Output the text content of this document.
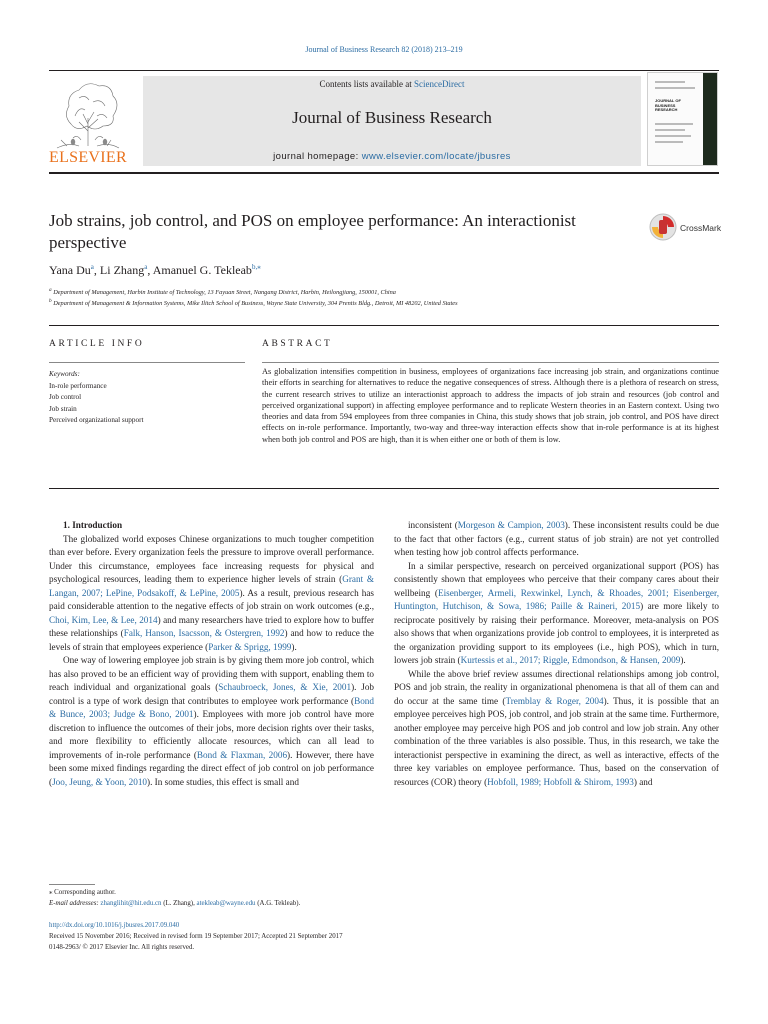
Journal of Business Research 82 (2018) 213–219
ELSEVIER
Contents lists available at ScienceDirect
Journal of Business Research
journal homepage: www.elsevier.com/locate/jbusres
JOURNAL OF BUSINESS RESEARCH
Job strains, job control, and POS on employee performance: An interactionist perspective
CrossMark
Yana Du$^a$, Li Zhang$^a$, Amanuel G. Tekleab$^{b,⁎}$
$^a$ Department of Management, Harbin Institute of Technology, 13 Fayuan Street, Nangang District, Harbin, Heilongjiang, 150001, China
$^b$ Department of Management & Information Systems, Mike Ilitch School of Business, Wayne State University, 304 Prentis Bldg., Detroit, MI 48202, United States
ARTICLE INFO	ABSTRACT
Keywords:
In-role performance
Job control
Job strain
Perceived organizational support
As globalization intensifies competition in business, employees of organizations face increasing job strain, and organizations continue their efforts in searching for alternatives to reduce the negative consequences of stress. Although there is a plethora of research on stress, the current research strives to utilize an interactionist approach to address the impacts of job strain and resources (job control and perceived organizational support) in affecting employee performance and to replicate Western theories in an Eastern context. Using two theories and data from 594 employees from three companies in China, this study shows that job strain, job control, and POS have direct effects on in-role performance. Importantly, two-way and three-way interaction effects show that in-role performance is at its highest when both job control and POS are high, than it is when either one or both of them is low.

1. Introduction

The globalized world exposes Chinese organizations to much tougher competition than ever before. Every organization feels the pressure to improve overall performance. Under this circumstance, employees face increasing requests for physical and psychological resources, leading them to experience higher levels of strain (Grant & Langan, 2007; LePine, Podsakoff, & LePine, 2005). As a result, previous research has paid considerable attention to the negative effects of job strain on work outcomes (e.g., Choi, Kim, Lee, & Lee, 2014) and many researchers have tried to explore how to buffer these relationships (Falk, Hanson, Isacsson, & Ostergren, 1992) and how to reduce the levels of strain that employees experience (Parker & Sprigg, 1999).

One way of lowering employee job strain is by giving them more job control, which has also proved to be an efficient way of providing them with support, enabling them to reach individual and organizational goals (Schaubroeck, Jones, & Xie, 2001). Job control is a type of work design that contributes to employee work performance (Bond & Bunce, 2003; Judge & Bono, 2001). Employees with more job control have more discretion to influence the outcomes of their jobs, more decision rights over their tasks, and more flexibility to efficiently allocate resources, which can all lead to improvements of in-role performance (Bond & Flaxman, 2006). However, there have been some mixed findings regarding the direct effect of job control on job performance (Joo, Jeung, & Yoon, 2010). In some studies, this effect is small and

inconsistent (Morgeson & Campion, 2003). These inconsistent results could be due to the fact that other factors (e.g., current status of job strain) are not yet controlled when testing how job control affects performance.

In a similar perspective, research on perceived organizational support (POS) has consistently shown that employees who perceive that their company cares about their wellbeing (Eisenberger, Armeli, Rexwinkel, Lynch, & Rhoades, 2001; Eisenberger, Huntington, Hutchison, & Sowa, 1986; Paille & Raineri, 2015) are more likely to reciprocate positively by raising their performance. Moreover, meta-analysis on POS also shows that when organizations provide job control to employees, it is interpreted as the organization providing support to its employees (i.e., high POS), which in turn, lowers job strain (Kurtessis et al., 2017; Riggle, Edmondson, & Hansen, 2009).

While the above brief review assumes directional relationships among job control, POS and job strain, the reality in organizational phenomena is that all of them can and do occur at the same time (Tremblay & Roger, 2004). Thus, it is possible that an employee perceives high POS, job control, and job strain at the same time. Furthermore, another employee may perceive high POS and job control and low job strain. Any other combination of the three variables is also possible. Thus, in this research, we take the interactionist perspective in examining the direct, as well as interactive, effects of the three key variables on employee performance. Thus, based on the conservation of resources (COR) theory (Hobfoll, 1989; Hobfoll & Shirom, 1993) and

⁎ Corresponding author.
E-mail addresses: zhanglihit@hit.edu.cn (L. Zhang), atekleab@wayne.edu (A.G. Tekleab).
http://dx.doi.org/10.1016/j.jbusres.2017.09.040
Received 15 November 2016; Received in revised form 19 September 2017; Accepted 21 September 2017
0148-2963/ © 2017 Elsevier Inc. All rights reserved.
